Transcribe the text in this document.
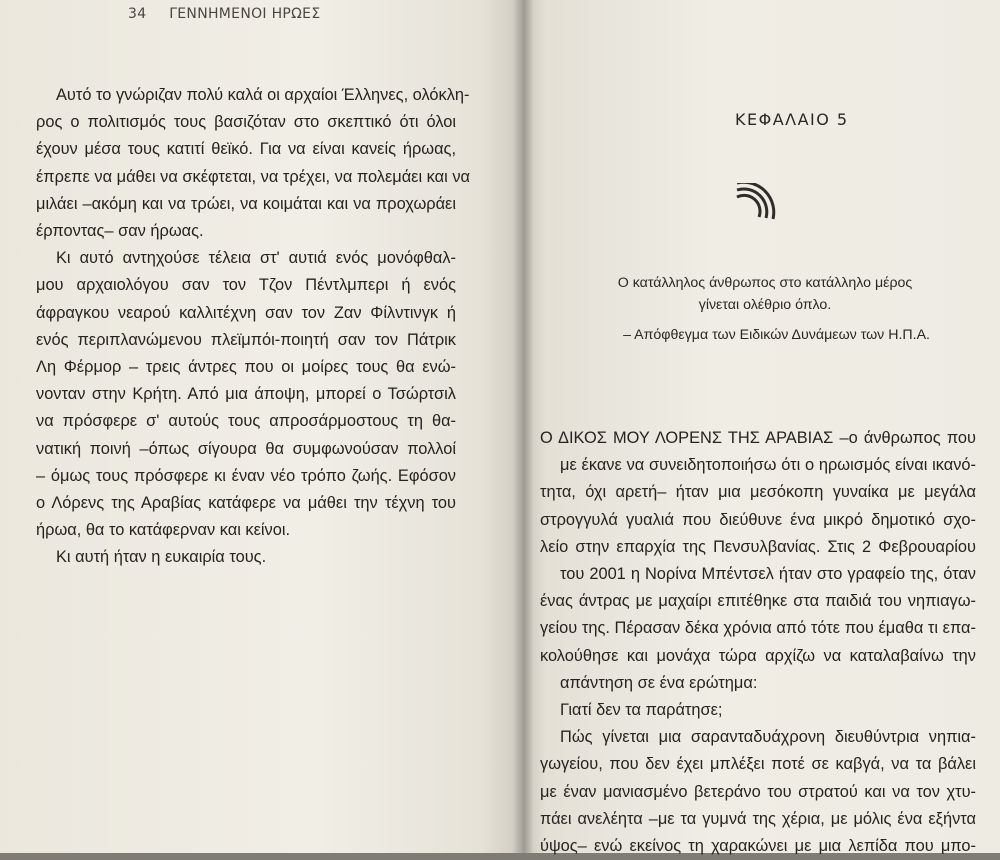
34 ΓΕΝΝΗΜΕΝΟΙ ΗΡΩΕΣ

Αυτό το γνώριζαν πολύ καλά οι αρχαίοι Έλληνες, ολόκλη-
ρος ο πολιτισμός τους βασιζόταν στο σκεπτικό ότι όλοι
έχουν μέσα τους κατιτί θεϊκό. Για να είναι κανείς ήρωας,
έπρεπε να μάθει να σκέφτεται, να τρέχει, να πολεμάει και να
μιλάει –ακόμη και να τρώει, να κοιμάται και να προχωράει
έρποντας– σαν ήρωας.

Κι αυτό αντηχούσε τέλεια στ' αυτιά ενός μονόφθαλ-
μου αρχαιολόγου σαν τον Τζον Πέντλμπερι ή ενός
άφραγκου νεαρού καλλιτέχνη σαν τον Ζαν Φίλντινγκ ή
ενός περιπλανώμενου πλεϊμπόι-ποιητή σαν τον Πάτρικ
Λη Φέρμορ – τρεις άντρες που οι μοίρες τους θα ενώ-
νονταν στην Κρήτη. Από μια άποψη, μπορεί ο Τσώρτσιλ
να πρόσφερε σ' αυτούς τους απροσάρμοστους τη θα-
νατική ποινή –όπως σίγουρα θα συμφωνούσαν πολλοί
– όμως τους πρόσφερε κι έναν νέο τρόπο ζωής. Εφόσον
ο Λόρενς της Αραβίας κατάφερε να μάθει την τέχνη του
ήρωα, θα το κατάφερναν και κείνοι.

Κι αυτή ήταν η ευκαιρία τους.

ΚΕΦΑΛΑΙΟ 5
Ο κατάλληλος άνθρωπος στο κατάλληλο μέρος
γίνεται ολέθριο όπλο.
– Απόφθεγμα των Ειδικών Δυνάμεων των Η.Π.Α.

Ο ΔΙΚΟΣ ΜΟΥ ΛΟΡΕΝΣ ΤΗΣ ΑΡΑΒΙΑΣ –ο άνθρωπος που
με έκανε να συνειδητοποιήσω ότι ο ηρωισμός είναι ικανό-
τητα, όχι αρετή– ήταν μια μεσόκοπη γυναίκα με μεγάλα
στρογγυλά γυαλιά που διεύθυνε ένα μικρό δημοτικό σχο-
λείο στην επαρχία της Πενσυλβανίας. Στις 2 Φεβρουαρίου
του 2001 η Νορίνα Μπέντσελ ήταν στο γραφείο της, όταν
ένας άντρας με μαχαίρι επιτέθηκε στα παιδιά του νηπιαγω-
γείου της. Πέρασαν δέκα χρόνια από τότε που έμαθα τι επα-
κολούθησε και μονάχα τώρα αρχίζω να καταλαβαίνω την
απάντηση σε ένα ερώτημα:

Γιατί δεν τα παράτησε;

Πώς γίνεται μια σαρανταδυάχρονη διευθύντρια νηπια-
γωγείου, που δεν έχει μπλέξει ποτέ σε καβγά, να τα βάλει
με έναν μανιασμένο βετεράνο του στρατού και να τον χτυ-
πάει ανελέητα –με τα γυμνά της χέρια, με μόλις ένα εξήντα
ύψος– ενώ εκείνος τη χαρακώνει με μια λεπίδα που μπο-
